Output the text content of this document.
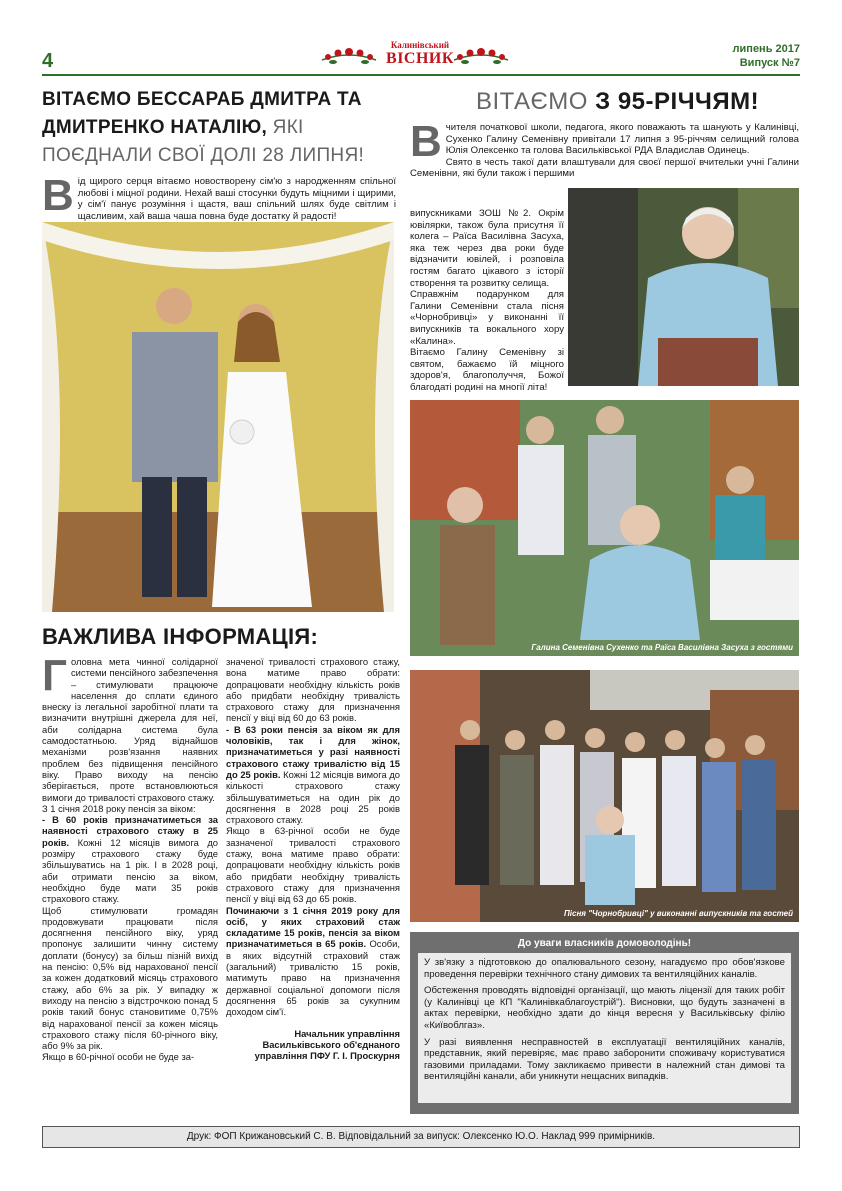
4
Калинівський
ВІСНИК
липень 2017
Випуск №7
ВІТАЄМО БЕССАРАБ ДМИТРА ТА ДМИТРЕНКО НАТАЛІЮ, ЯКІ ПОЄДНАЛИ СВОЇ ДОЛІ 28 ЛИПНЯ!
В ід щирого серця вітаємо новостворену сім'ю з народженням спільної любові і міцної родини. Нехай ваші стосунки будуть міцними і щирими, у сім'ї панує розуміння і щастя, ваш спільний шлях буде світлим і щасливим, хай ваша чаша повна буде достатку й радості!
ВАЖЛИВА ІНФОРМАЦІЯ:

Головна мета чинної солідарної системи пенсійного забезпечення – стимулювати працююче населення до сплати єдиного внеску із легальної заробітної плати та визначити внутрішні джерела для неї, аби солідарна система була самодостатньою. Уряд віднайшов механізми розв'язання наявних проблем без підвищення пенсійного віку. Право виходу на пенсію зберігається, проте встановлюються вимоги до тривалості страхового стажу.

З 1 січня 2018 року пенсія за віком:

- В 60 років призначатиметься за наявності страхового стажу в 25 років. Кожні 12 місяців вимога до розміру страхового стажу буде збільшуватись на 1 рік. І в 2028 році, аби отримати пенсію за віком, необхідно буде мати 35 років страхового стажу.

Щоб стимулювати громадян продовжувати працювати після досягнення пенсійного віку, уряд пропонує залишити чинну систему доплати (бонусу) за більш пізній вихід на пенсію: 0,5% від нарахованої пенсії за кожен додатковий місяць страхового стажу, або 6% за рік. У випадку ж виходу на пенсію з відстрочкою понад 5 років такий бонус становитиме 0,75% від нарахованої пенсії за кожен місяць страхового стажу після 60-річного віку, або 9% за рік.

Якщо в 60-річної особи не буде за-

значеної тривалості страхового стажу, вона матиме право обрати: допрацювати необхідну кількість років або придбати необхідну тривалість страхового стажу для призначення пенсії у віці від 60 до 63 років.

- В 63 роки пенсія за віком як для чоловіків, так і для жінок, призначатиметься у разі наявності страхового стажу тривалістю від 15 до 25 років. Кожні 12 місяців вимога до кількості страхового стажу збільшуватиметься на один рік до досягнення в 2028 році 25 років страхового стажу.

Якщо в 63-річної особи не буде зазначеної тривалості страхового стажу, вона матиме право обрати: допрацювати необхідну кількість років або придбати необхідну тривалість страхового стажу для призначення пенсії у віці від 63 до 65 років.

Починаючи з 1 січня 2019 року для осіб, у яких страховий стаж складатиме 15 років, пенсія за віком призначатиметься в 65 років. Особи, в яких відсутній страховий стаж (загальний) тривалістю 15 років, матимуть право на призначення державної соціальної допомоги після досягнення 65 років за сукупним доходом сім'ї.

Начальник управління Васильківського об'єднаного управління ПФУ Г. І. Проскурня

ВІТАЄМО З 95-РІЧЧЯМ!
В чителя початкової школи, педагога, якого поважають та шанують у Калинівці, Сухенко Галину Семенівну привітали 17 липня з 95-річчям селищний голова Юлія Олексенко та голова Васильківської РДА Владислав Одинець.
Свято в честь такої дати влаштували для своєї першої вчительки учні Галини Семенівни, які були також і першими

випускниками ЗОШ №2. Окрім ювілярки, також була присутня її колега – Раїса Василівна Засуха, яка теж через два роки буде відзначити ювілей, і розповіла гостям багато цікавого з історії створення та розвитку селища.

Справжнім подарунком для Галини Семенівни стала пісня «Чорнобривці» у виконанні її випускників та вокального хору «Калина».

Вітаємо Галину Семенівну зі святом, бажаємо їй міцного здоров'я, благополуччя, Божої благодаті родині на многії літа!

Галина Семенівна Сухенко та Раїса Василівна Засуха з гостями
Пісня "Чорнобривці" у виконанні випускників та гостей
До уваги власників домоволодінь!

У зв'язку з підготовкою до опалювального сезону, нагадуємо про обов'язкове проведення перевірки технічного стану димових та вентиляційних каналів.

Обстеження проводять відповідні організації, що мають ліцензії для таких робіт (у Калинівці це КП "Калинівкаблагоустрій"). Висновки, що будуть зазначені в актах перевірки, необхідно здати до кінця вересня у Васильківську філію «Київоблгаз».

У разі виявлення несправностей в експлуатації вентиляційних каналів, представник, який перевіряє, має право заборонити споживачу користуватися газовими приладами. Тому закликаємо привести в належний стан димові та вентиляційні канали, аби уникнути нещасних випадків.

Друк: ФОП Крижановський С. В. Відповідальний за випуск: Олексенко Ю.О. Наклад 999 примірників.
